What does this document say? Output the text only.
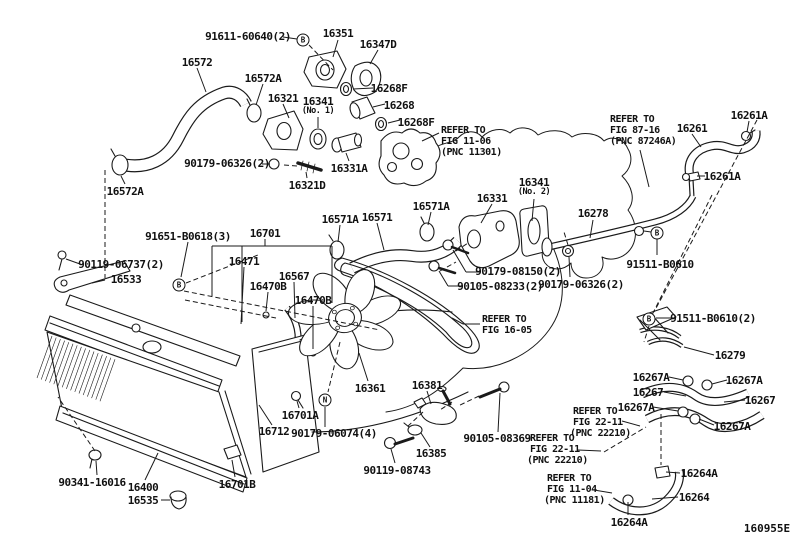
91611-60640(2)	16351
16347D
16572
16572A
16268F
16321 16341
(No. 1)	16268
16268F
REFER TO
FIG 11-06
(PNC 11301)
REFER TO
FIG 87-16
(PNC 87246A)
16261A
16261
16261A
16572A
90179-06326(2)
16321D
16331A
16331
16341
(No. 2)
16278
16571A 16571
16571A
91651-B0618(3) 16701
90119-06737(2)
16533
16471
16567
16470B
16470B
90179-08150(2)
90105-08233(2)
90179-06326(2)
91511-B0610
91511-B0610(2)
REFER TO
FIG 16-05
16279
16267A	16267A
16267
16267
16267A
16267A
16361 16381
REFER TO
FIG 22-11
(PNC 22210)
90105-08369 REFER TO
FIG 22-11
(PNC 22210)
REFER TO
FIG 11-04
(PNC 11181)
16264A
16264
16264A
16385
90119-08743
90179-06074(4)
16712
16701A
90341-16016 16400
16535
16701B
160955E
B
B
B
B
N
